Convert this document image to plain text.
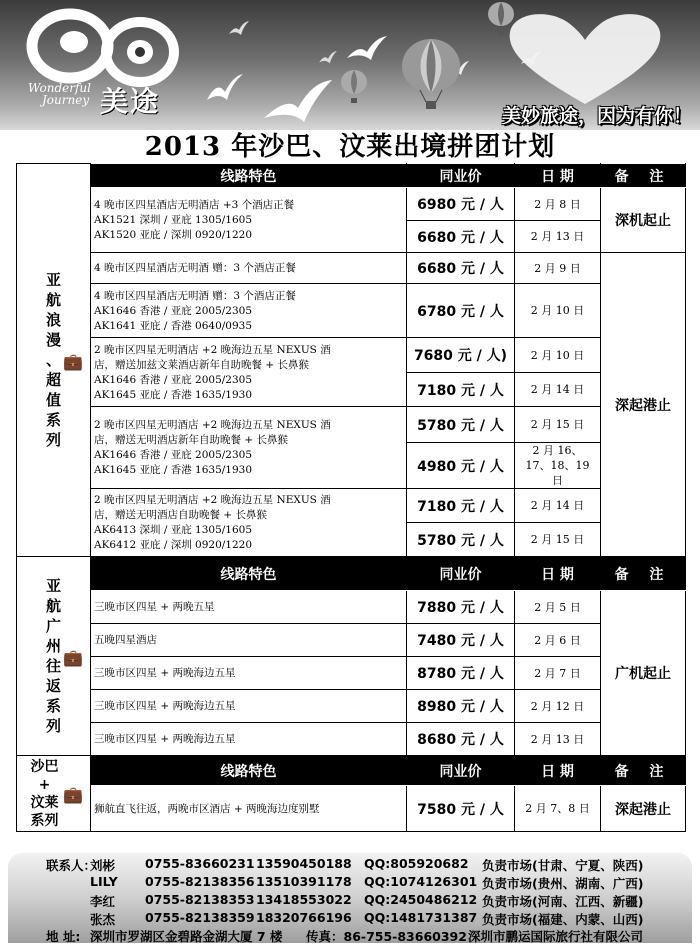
Wonderful
Journey 美途	美妙旅途，因为有你！
2013 年沙巴、汶莱出境拼团计划
亚航浪漫、超值系列
💼	线路特色	同业价	日 期	备 注

	4 晚市区四星酒店无明酒店 +3 个酒店正餐
AK1521 深圳 / 亚庇 1305/1605
AK1520 亚庇 / 深圳 0920/1220	6980 元 / 人	2 月 8 日	深机起止
		6680 元 / 人	2 月 13 日	

	4 晚市区四星酒店无明酒 赠：3 个酒店正餐	6680 元 / 人	2 月 9 日	深起港止

	4 晚市区四星酒店无明酒 赠：3 个酒店正餐
AK1646 香港 / 亚庇 2005/2305
AK1641 亚庇 / 香港 0640/0935	6780 元 / 人	2 月 10 日	

	2 晚市区四星无明酒店 +2 晚海边五星 NEXUS 酒
店，赠送加兹文莱酒店新年自助晚餐 + 长鼻猴
AK1646 香港 / 亚庇 2005/2305
AK1645 亚庇 / 香港 1635/1930	7680 元 / 人)	2 月 10 日	
		7180 元 / 人	2 月 14 日	

	2 晚市区四星无明酒店 +2 晚海边五星 NEXUS 酒
店，赠送无明酒店新年自助晚餐 + 长鼻猴
AK1646 香港 / 亚庇 2005/2305
AK1645 亚庇 / 香港 1635/1930	5780 元 / 人	2 月 15 日	
		4980 元 / 人	2 月 16、17、18、19 日	

	2 晚市区四星无明酒店 +2 晚海边五星 NEXUS 酒
店，赠送无明酒店自助晚餐 + 长鼻猴
AK6413 深圳 / 亚庇 1305/1605
AK6412 亚庇 / 深圳 0920/1220	7180 元 / 人	2 月 14 日	
		5780 元 / 人	2 月 15 日	
亚航广州往返系列
💼	线路特色	同业价	日 期	备 注
	三晚市区四星 + 两晚五星	7880 元 / 人	2 月 5 日	广机起止
	五晚四星酒店	7480 元 / 人	2 月 6 日	
	三晚市区四星 + 两晚海边五星	8780 元 / 人	2 月 7 日	
	三晚市区四星 + 两晚海边五星	8980 元 / 人	2 月 12 日	
	三晚市区四星 + 两晚海边五星	8680 元 / 人	2 月 13 日	

沙巴
+
汶莱
系列
💼	线路特色	同业价	日 期	备 注
	狮航直飞往返，两晚市区酒店 + 两晚海边度别墅	7580 元 / 人	2 月 7、8 日	深起港止
联系人：
刘彬 0755-83660231 13590450188 QQ:805920682 负责市场(甘肃、宁夏、陕西)
LILY 0755-82138356 13510391178 QQ:1074126301 负责市场(贵州、湖南、广西)
李红 0755-82138353 13418553022 QQ:2450486212 负责市场(河南、江西、新疆)
张杰 0755-82138359 18320766196 QQ:1481731387 负责市场(福建、内蒙、山西)
地 址: 深圳市罗湖区金碧路金湖大厦 7 楼 传真：86-755-83660392 深圳市鹏运国际旅行社有限公司
